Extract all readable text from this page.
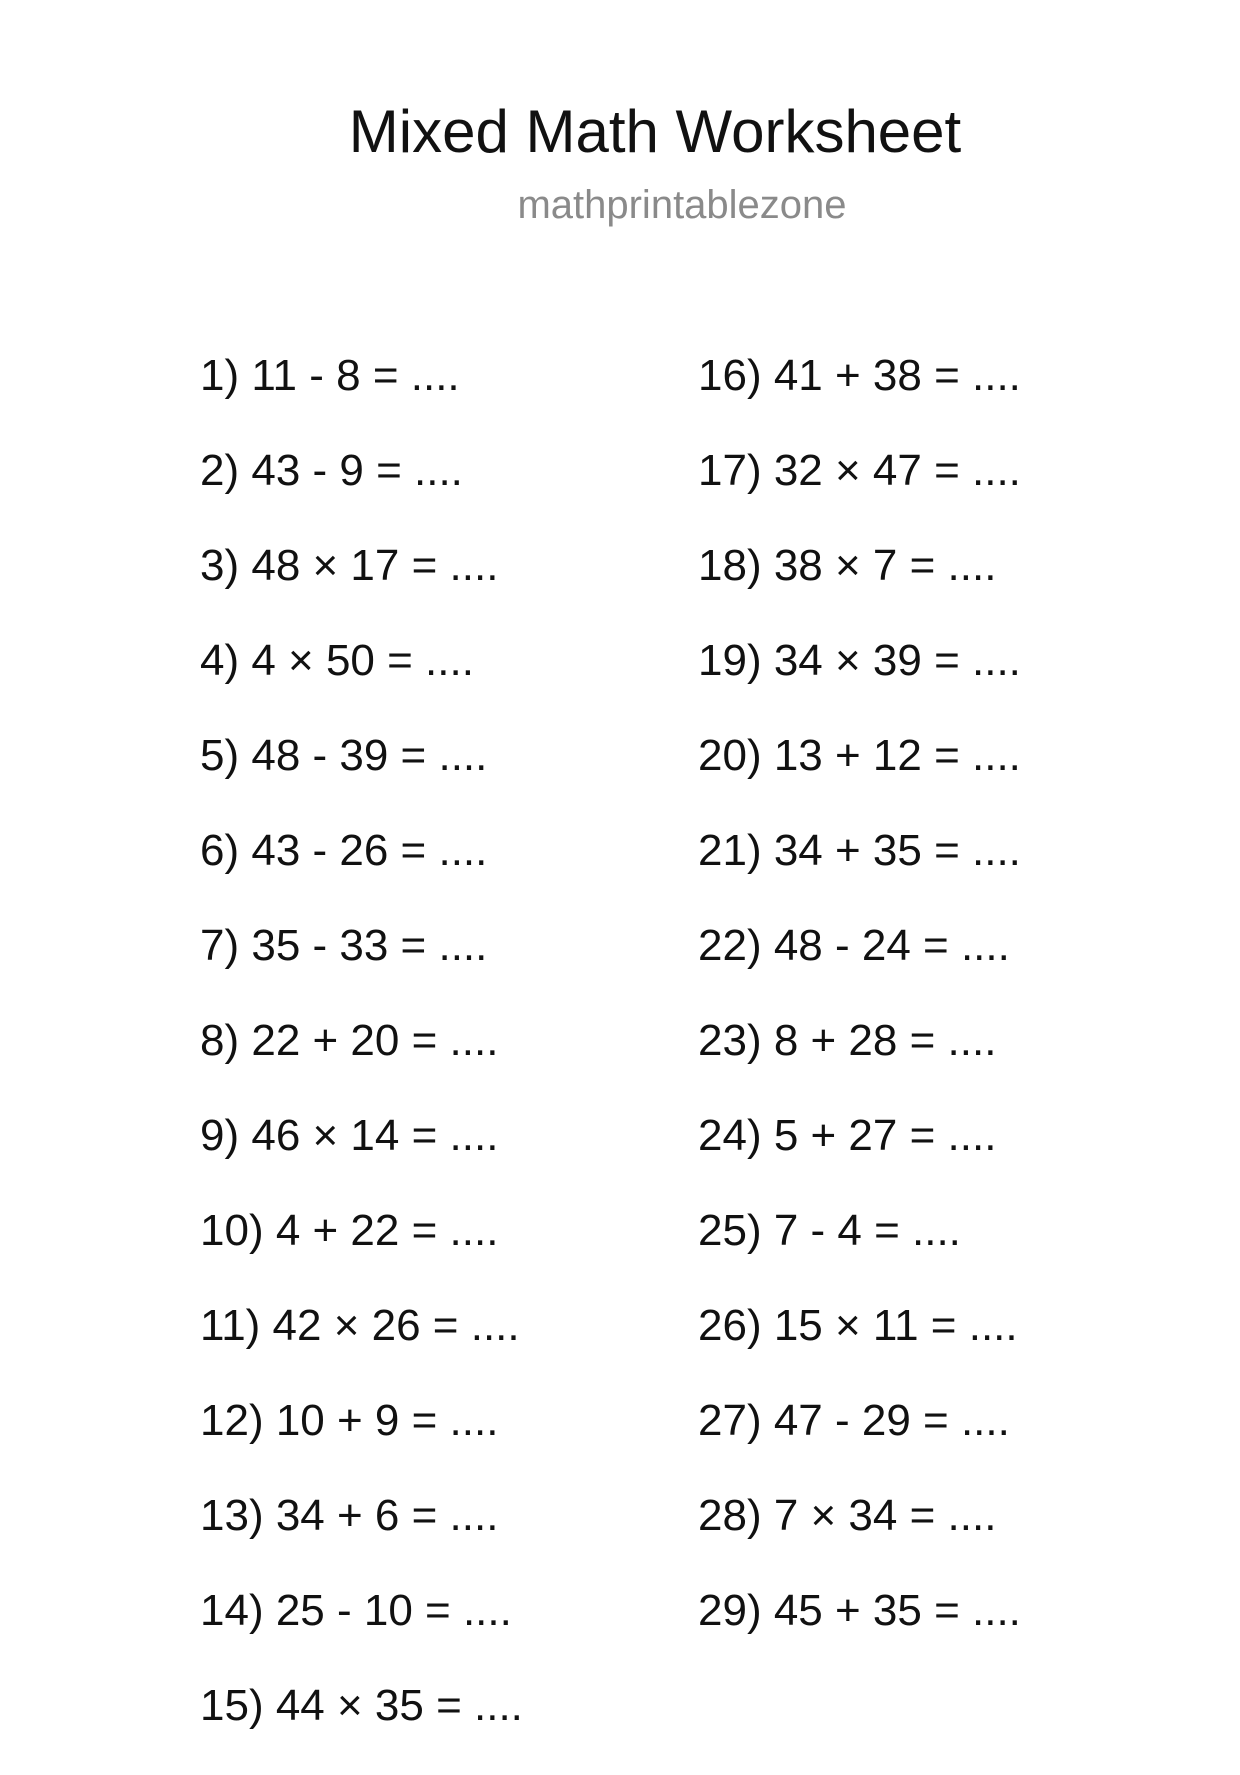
Mixed Math Worksheet
mathprintablezone
1) 11 - 8 = ....
2) 43 - 9 = ....
3) 48 × 17 = ....
4) 4 × 50 = ....
5) 48 - 39 = ....
6) 43 - 26 = ....
7) 35 - 33 = ....
8) 22 + 20 = ....
9) 46 × 14 = ....
10) 4 + 22 = ....
11) 42 × 26 = ....
12) 10 + 9 = ....
13) 34 + 6 = ....
14) 25 - 10 = ....
15) 44 × 35 = ....
16) 41 + 38 = ....
17) 32 × 47 = ....
18) 38 × 7 = ....
19) 34 × 39 = ....
20) 13 + 12 = ....
21) 34 + 35 = ....
22) 48 - 24 = ....
23) 8 + 28 = ....
24) 5 + 27 = ....
25) 7 - 4 = ....
26) 15 × 11 = ....
27) 47 - 29 = ....
28) 7 × 34 = ....
29) 45 + 35 = ....
